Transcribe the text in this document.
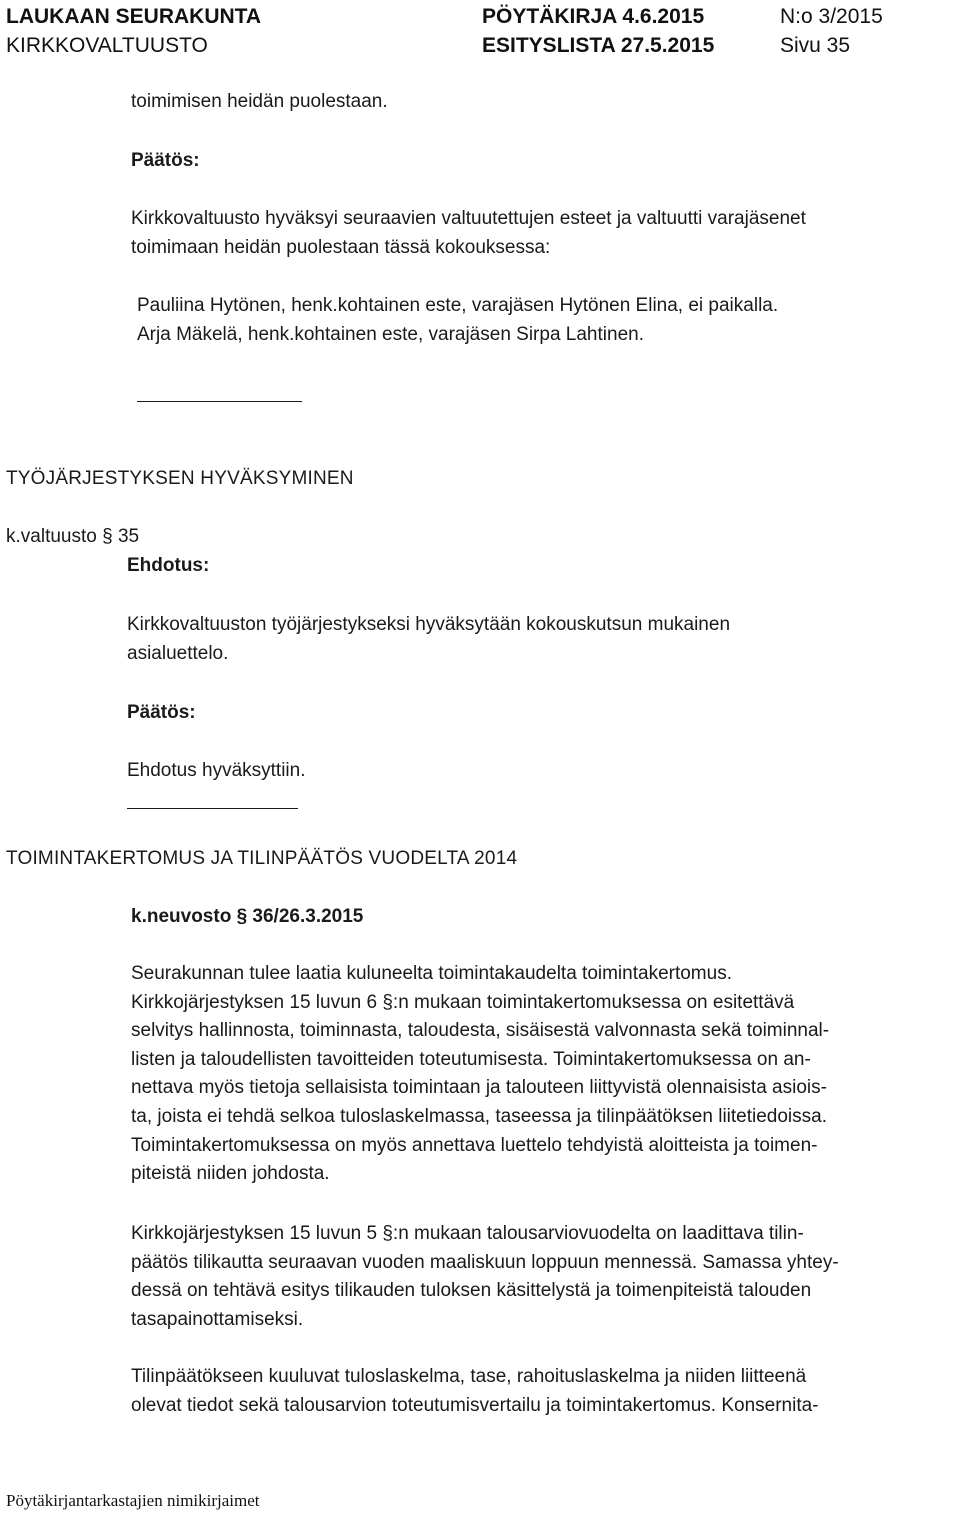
LAUKAAN SEURAKUNTA
KIRKKOVALTUUSTO
PÖYTÄKIRJA 4.6.2015
ESITYSLISTA 27.5.2015
N:o 3/2015
Sivu 35
toimimisen heidän puolestaan.
Päätös:
Kirkkovaltuusto hyväksyi seuraavien valtuutettujen esteet ja valtuutti varajäsenet
toimimaan heidän puolestaan tässä kokouksessa:
Pauliina Hytönen, henk.kohtainen este, varajäsen Hytönen Elina, ei paikalla.
Arja Mäkelä, henk.kohtainen este, varajäsen Sirpa Lahtinen.
TYÖJÄRJESTYKSEN HYVÄKSYMINEN
k.valtuusto § 35
Ehdotus:
Kirkkovaltuuston työjärjestykseksi hyväksytään kokouskutsun mukainen
asialuettelo.
Päätös:
Ehdotus hyväksyttiin.
TOIMINTAKERTOMUS JA TILINPÄÄTÖS VUODELTA 2014
k.neuvosto § 36/26.3.2015
Seurakunnan tulee laatia kuluneelta toimintakaudelta toimintakertomus.
Kirkkojärjestyksen 15 luvun 6 §:n mukaan toimintakertomuksessa on esitettävä
selvitys hallinnosta, toiminnasta, taloudesta, sisäisestä valvonnasta sekä toiminnal-
listen ja taloudellisten tavoitteiden toteutumisesta. Toimintakertomuksessa on an-
nettava myös tietoja sellaisista toimintaan ja talouteen liittyvistä olennaisista asiois-
ta, joista ei tehdä selkoa tuloslaskelmassa, taseessa ja tilinpäätöksen liitetiedoissa.
Toimintakertomuksessa on myös annettava luettelo tehdyistä aloitteista ja toimen-
piteistä niiden johdosta.
Kirkkojärjestyksen 15 luvun 5 §:n mukaan talousarviovuodelta on laadittava tilin-
päätös tilikautta seuraavan vuoden maaliskuun loppuun mennessä. Samassa yhtey-
dessä on tehtävä esitys tilikauden tuloksen käsittelystä ja toimenpiteistä talouden
tasapainottamiseksi.
Tilinpäätökseen kuuluvat tuloslaskelma, tase, rahoituslaskelma ja niiden liitteenä
olevat tiedot sekä talousarvion toteutumisvertailu ja toimintakertomus. Konsernita-
Pöytäkirjantarkastajien nimikirjaimet
